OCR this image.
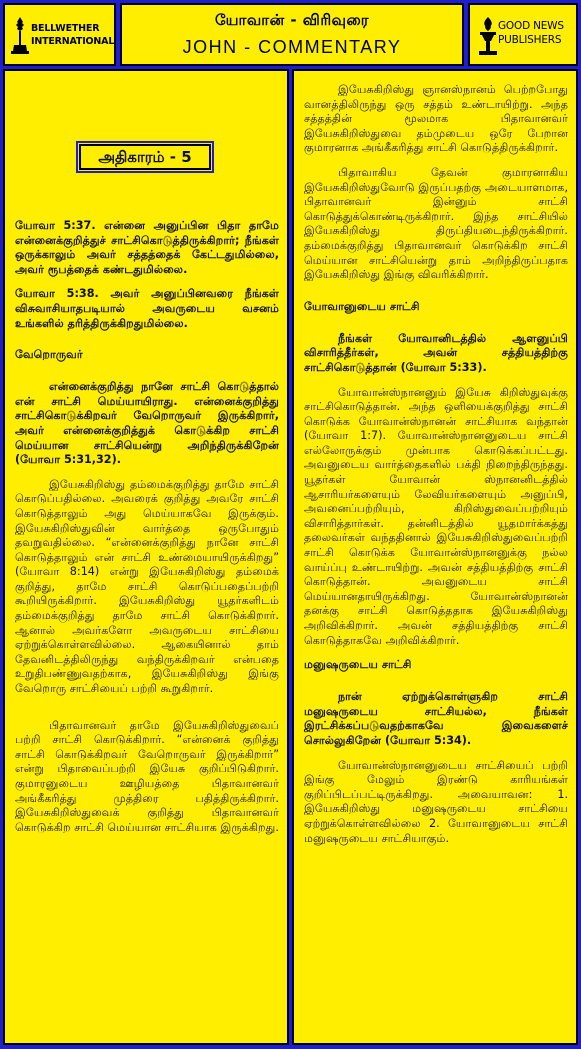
BELLWETHER
INTERNATIONAL
யோவான் - விரிவுரை
JOHN - COMMENTARY
GOOD NEWS
PUBLISHERS
அதிகாரம் - 5

யோவா 5:37. என்னை அனுப்பின பிதா தாமே என்னைக்குறித்துச் சாட்சிகொடுத்திருக்கிறார்; நீங்கள் ஒருக்காலும் அவர் சத்தத்தைக் கேட்டதுமில்லை, அவர் ரூபத்தைக் கண்டதுமில்லை.

யோவா 5:38. அவர் அனுப்பினவரை நீங்கள் விசுவாசியாதபடியால் அவருடைய வசனம் உங்களில் தரித்திருக்கிறதுமில்லை.

வேறொருவர்

என்னைக்குறித்து நானே சாட்சி கொடுத்தால் என் சாட்சி மெய்யாயிராது. என்னைக்குறித்து சாட்சிகொடுக்கிறவர் வேறொருவர் இருக்கிறார், அவர் என்னைக்குறித்துக் கொடுக்கிற சாட்சி மெய்யான சாட்சியென்று அறிந்திருக்கிறேன் (யோவா 5:31,32).

இயேசுகிறிஸ்து தம்மைக்குறித்து தாமே சாட்சி கொடுப்பதில்லை. அவரைக் குறித்து அவரே சாட்சி கொடுத்தாலும் அது மெய்யாகவே இருக்கும். இயேசுகிறிஸ்துவின் வார்த்தை ஒருபோதும் தவறுவதில்லை. “என்னைக்குறித்து நானே சாட்சி கொடுத்தாலும் என் சாட்சி உண்மையாயிருக்கிறது” (யோவா 8:14) என்று இயேசுகிறிஸ்து தம்மைக் குறித்து, தாமே சாட்சி கொடுப்பதைப்பற்றி கூறியிருக்கிறார். இயேசுகிறிஸ்து யூதர்களிடம் தம்மைக்குறித்து தாமே சாட்சி கொடுக்கிறார். ஆனால் அவர்களோ அவருடைய சாட்சியை ஏற்றுக்கொள்ளவில்லை. ஆகையினால் தாம் தேவனிடத்திலிருந்து வந்திருக்கிறவர் என்பதை உறுதிபண்ணுவதற்காக, இயேசுகிறிஸ்து இங்கு வேறொரு சாட்சியைப் பற்றி கூறுகிறார்.

பிதாவானவர் தாமே இயேசுகிறிஸ்துவைப் பற்றி சாட்சி கொடுக்கிறார். “என்னைக் குறித்து சாட்சி கொடுக்கிறவர் வேறொருவர் இருக்கிறார்” என்று பிதாவைப்பற்றி இயேசு குறிப்பிடுகிறார். குமாரனுடைய ஊழியத்தை பிதாவானவர் அங்கீகரித்து முத்திரை பதித்திருக்கிறார். இயேசுகிறிஸ்துவைக் குறித்து பிதாவானவர் கொடுக்கிற சாட்சி மெய்யான சாட்சியாக இருக்கிறது.

இயேசுகிறிஸ்து ஞானஸ்நானம் பெற்றபோது வானத்திலிருந்து ஒரு சத்தம் உண்டாயிற்று. அந்த சத்தத்தின் மூலமாக பிதாவானவர் இயேசுகிறிஸ்துவை தம்முடைய ஒரே பேறான குமாரனாக அங்கீகரித்து சாட்சி கொடுத்திருக்கிறார்.

பிதாவாகிய தேவன் குமாரனாகிய இயேசுகிறிஸ்துவோடு இருப்பதற்கு அடையாளமாக, பிதாவானவர் இன்னும் சாட்சி கொடுத்துக்கொண்டிருக்கிறார். இந்த சாட்சியில் இயேசுகிறிஸ்து திருப்தியடைந்திருக்கிறார். தம்மைக்குறித்து பிதாவானவர் கொடுக்கிற சாட்சி மெய்யான சாட்சியென்று தாம் அறிந்திருப்பதாக இயேசுகிறிஸ்து இங்கு விவரிக்கிறார்.

யோவானுடைய சாட்சி

நீங்கள் யோவானிடத்தில் ஆளனுப்பி விசாரித்தீர்கள், அவன் சத்தியத்திற்கு சாட்சிகொடுத்தான் (யோவா 5:33).

யோவான்ஸ்நானனும் இயேசு கிறிஸ்துவுக்கு சாட்சிகொடுத்தான். அந்த ஒளியைக்குறித்து சாட்சி கொடுக்க யோவான்ஸ்நானன் சாட்சியாக வந்தான் (யோவா 1:7). யோவான்ஸ்நானனுடைய சாட்சி எல்லோருக்கும் முன்பாக கொடுக்கப்பட்டது. அவனுடைய வார்த்தைகளில் பக்தி நிறைந்திருந்தது. யூதர்கள் யோவான் ஸ்நானனிடத்தில் ஆசாரியர்களையும் லேவியர்களையும் அனுப்பி, அவனைப்பற்றியும், கிறிஸ்துவைப்பற்றியும் விசாரித்தார்கள். தன்னிடத்தில் யூதமார்க்கத்து தலைவர்கள் வந்ததினால் இயேசுகிறிஸ்துவைப்பற்றி சாட்சி கொடுக்க யோவான்ஸ்நானனுக்கு நல்ல வாய்ப்பு உண்டாயிற்று. அவன் சத்தியத்திற்கு சாட்சி கொடுத்தான். அவனுடைய சாட்சி மெய்யானதாயிருக்கிறது. யோவான்ஸ்நானன் தனக்கு சாட்சி கொடுத்ததாக இயேசுகிறிஸ்து அறிவிக்கிறார். அவன் சத்தியத்திற்கு சாட்சி கொடுத்தாகவே அறிவிக்கிறார்.

மனுஷருடைய சாட்சி

நான் ஏற்றுக்கொள்ளுகிற சாட்சி மனுஷருடைய சாட்சியல்ல, நீங்கள் இரட்சிக்கப்படுவதற்காகவே இவைகளைச் சொல்லுகிறேன் (யோவா 5:34).

யோவான்ஸ்நானனுடைய சாட்சியைப் பற்றி இங்கு மேலும் இரண்டு காரியங்கள் குறிப்பிடப்பட்டிருக்கிறது. அவையாவன: 1. இயேசுகிறிஸ்து மனுஷருடைய சாட்சியை ஏற்றுக்கொள்ளவில்லை 2. யோவானுடைய சாட்சி மனுஷருடைய சாட்சியாகும்.
